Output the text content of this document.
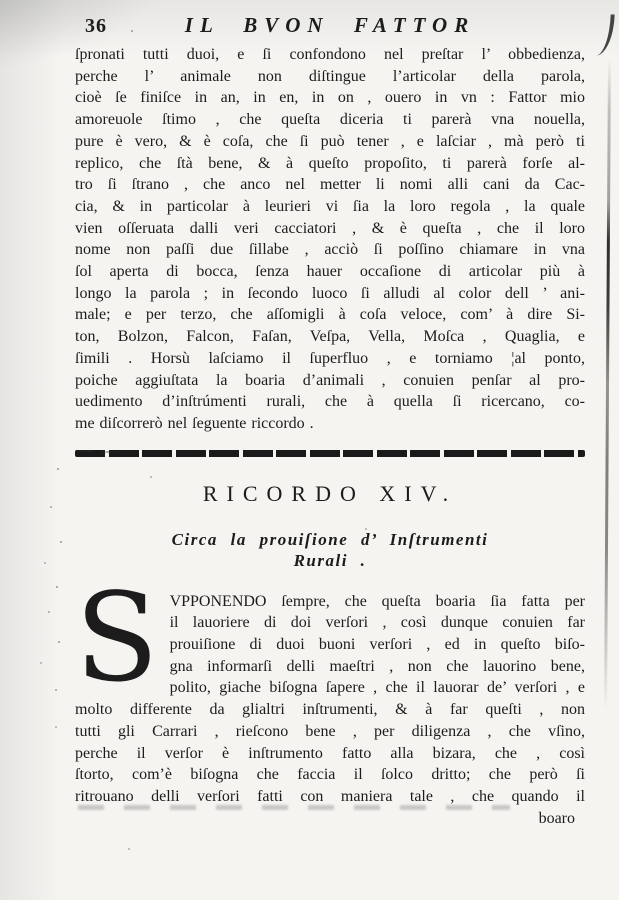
36	IL BVON FATTOR
ſpronati tutti duoi, e ſi confondono nel preſtar l’ obbedienza,
perche l’ animale non diſtingue l’articolar della parola,
cioè ſe finiſce in an, in en, in on , ouero in vn : Fattor mio
amoreuole ſtimo , che queſta diceria ti parerà vna nouella,
pure è vero, & è coſa, che ſi può tener , e laſciar , mà però ti
replico, che ſtà bene, & à queſto propoſito, ti parerà forſe al-
tro ſi ſtrano , che anco nel metter li nomi alli cani da Cac-
cia, & in particolar à leurieri vi ſia la loro regola , la quale
vien oſſeruata dalli veri cacciatori , & è queſta , che il loro
nome non paſſi due ſillabe , acciò ſi poſſino chiamare in vna
ſol aperta di bocca, ſenza hauer occaſione di articolar più à
longo la parola ; in ſecondo luoco ſi alludi al color dell ’ ani-
male; e per terzo, che aſſomigli à coſa veloce, com’ à dire Si-
ton, Bolzon, Falcon, Faſan, Veſpa, Vella, Moſca , Quaglia, e
ſimili . Horsù laſciamo il ſuperfluo , e torniamo ¦al ponto,
poiche aggiuſtata la boaria d’animali , conuien penſar al pro-
uedimento d’inſtrúmenti rurali, che à quella ſi ricercano, co-
me diſcorrerò nel ſeguente riccordo .
RICORDO XIV.
Circa la prouiſione d’ Inſtrumenti
Rurali .
S VPPONENDO ſempre, che queſta boaria ſia fatta per
il lauoriere di doi verſori , così dunque conuien far
prouiſione di duoi buoni verſori , ed in queſto biſo-
gna informarſi delli maeſtri , non che lauorino bene,
polito, giache biſogna ſapere , che il lauorar de’ verſori , e
molto differente da glialtri inſtrumenti, & à far queſti , non
tutti gli Carrari , rieſcono bene , per diligenza , che vſino,
perche il verſor è inſtrumento fatto alla bizara, che , così
ſtorto, com’è biſogna che faccia il ſolco dritto; che però ſi
ritrouano delli verſori fatti con maniera tale , che quando il
boaro
